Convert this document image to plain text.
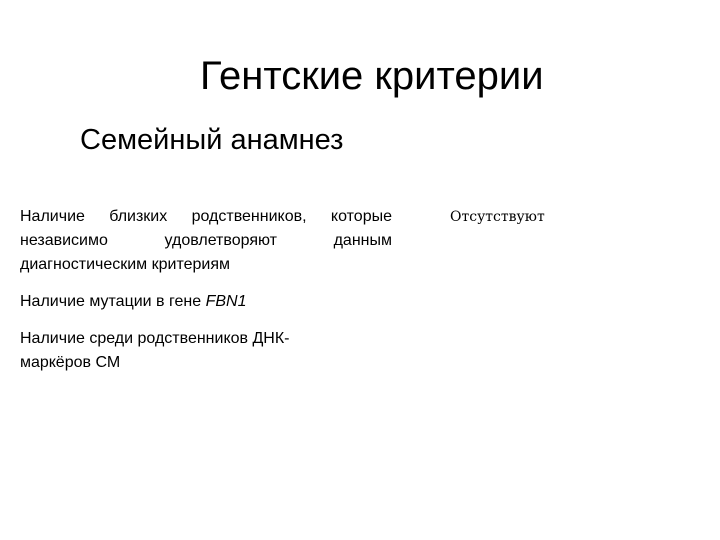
Гентские критерии
Семейный анамнез
Наличие близких родственников, которые независимо удовлетворяют данным диагностическим критериям
Наличие мутации в гене FBN1
Наличие среди родственников ДНК-маркёров СМ
Отсутствуют
